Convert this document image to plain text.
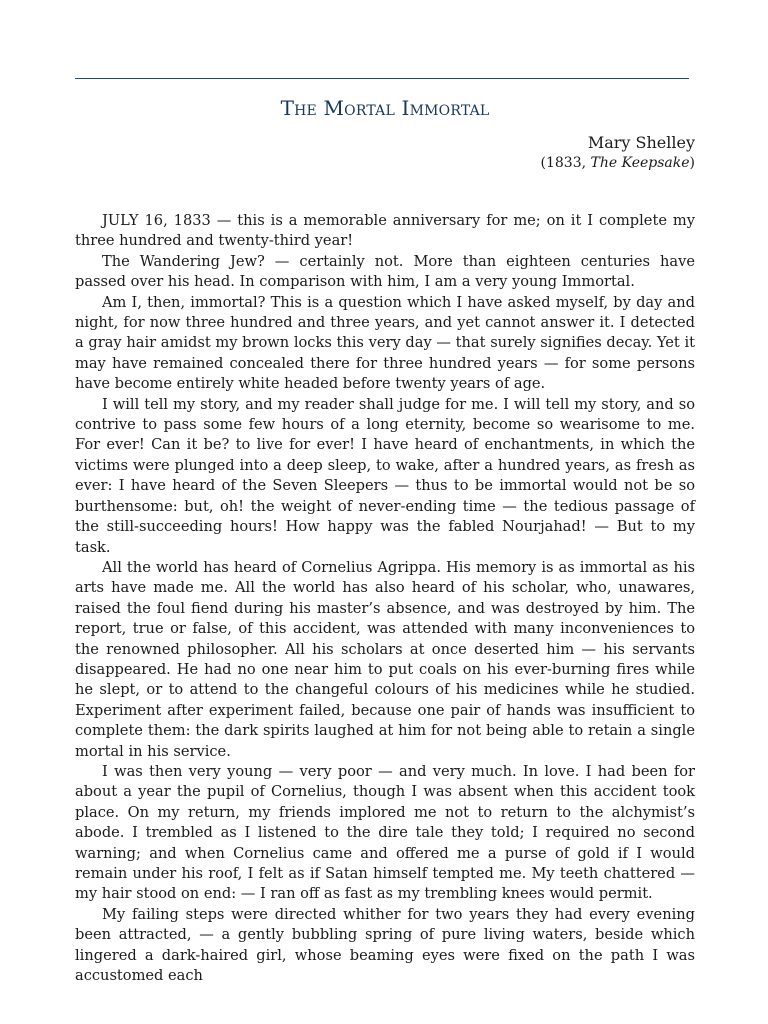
The Mortal Immortal
Mary Shelley
(1833, The Keepsake)

JULY 16, 1833 — this is a memorable anniversary for me; on it I complete my three hundred and twenty-third year!

The Wandering Jew? — certainly not. More than eighteen centuries have passed over his head. In comparison with him, I am a very young Immortal.

Am I, then, immortal? This is a question which I have asked myself, by day and night, for now three hundred and three years, and yet cannot answer it. I detected a gray hair amidst my brown locks this very day — that surely signifies decay. Yet it may have remained concealed there for three hundred years — for some persons have become entirely white headed before twenty years of age.

I will tell my story, and my reader shall judge for me. I will tell my story, and so contrive to pass some few hours of a long eternity, become so wearisome to me. For ever! Can it be? to live for ever! I have heard of enchantments, in which the victims were plunged into a deep sleep, to wake, after a hundred years, as fresh as ever: I have heard of the Seven Sleepers — thus to be immortal would not be so burthensome: but, oh! the weight of never-ending time — the tedious passage of the still-succeeding hours! How happy was the fabled Nourjahad! — But to my task.

All the world has heard of Cornelius Agrippa. His memory is as immortal as his arts have made me. All the world has also heard of his scholar, who, unawares, raised the foul fiend during his master’s absence, and was destroyed by him. The report, true or false, of this accident, was attended with many inconveniences to the renowned philosopher. All his scholars at once deserted him — his servants disappeared. He had no one near him to put coals on his ever-burning fires while he slept, or to attend to the changeful colours of his medicines while he studied. Experiment after experiment failed, because one pair of hands was insufficient to complete them: the dark spirits laughed at him for not being able to retain a single mortal in his service.

I was then very young — very poor — and very much. In love. I had been for about a year the pupil of Cornelius, though I was absent when this accident took place. On my return, my friends implored me not to return to the alchymist’s abode. I trembled as I listened to the dire tale they told; I required no second warning; and when Cornelius came and offered me a purse of gold if I would remain under his roof, I felt as if Satan himself tempted me. My teeth chattered — my hair stood on end: — I ran off as fast as my trembling knees would permit.

My failing steps were directed whither for two years they had every evening been attracted, — a gently bubbling spring of pure living waters, beside which lingered a dark-haired girl, whose beaming eyes were fixed on the path I was accustomed each
